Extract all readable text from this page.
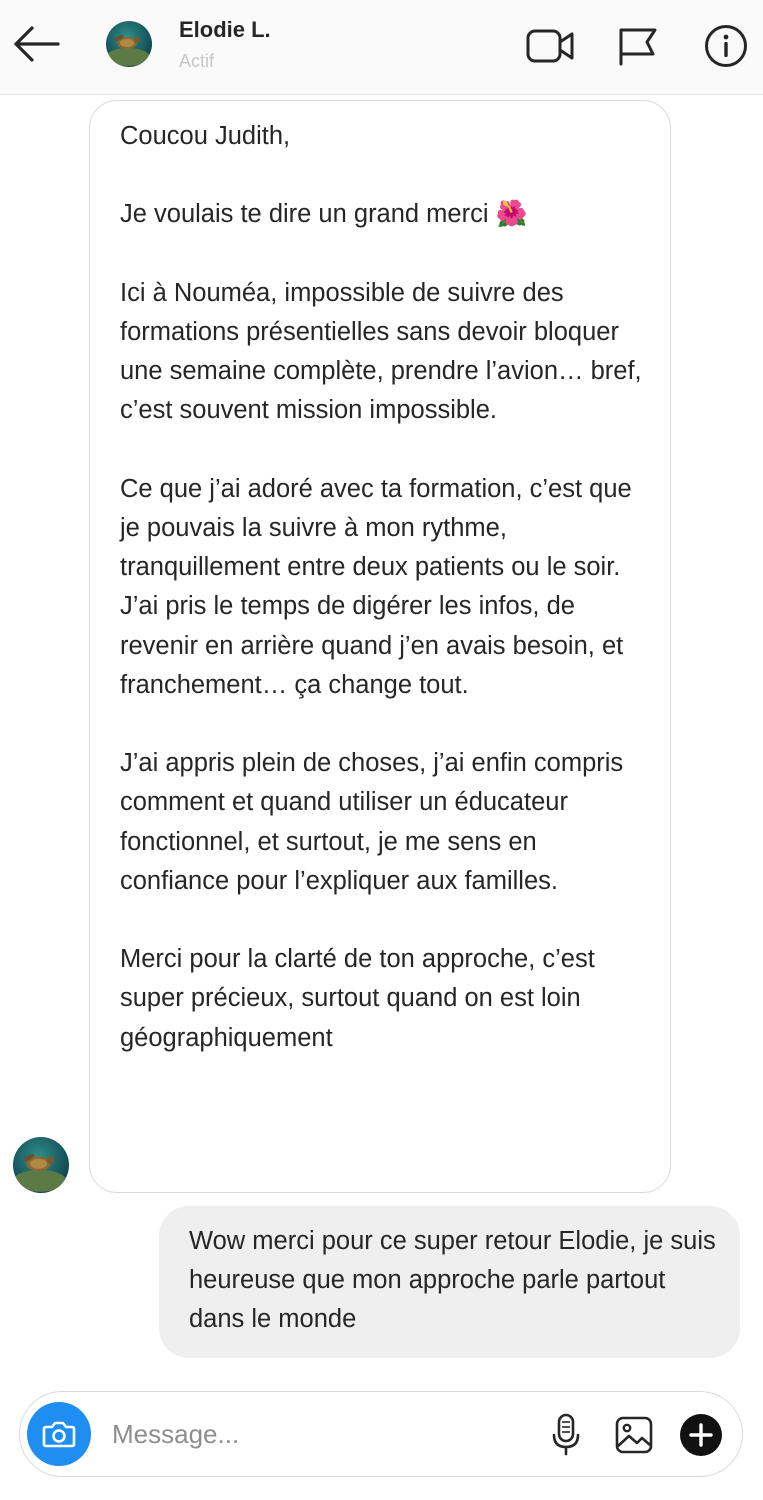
Elodie L.
Actif

Coucou Judith,

Je voulais te dire un grand merci 🌺

Ici à Nouméa, impossible de suivre des formations présentielles sans devoir bloquer une semaine complète, prendre l’avion… bref, c’est souvent mission impossible.

Ce que j’ai adoré avec ta formation, c’est que je pouvais la suivre à mon rythme, tranquillement entre deux patients ou le soir. J’ai pris le temps de digérer les infos, de revenir en arrière quand j’en avais besoin, et franchement… ça change tout.

J’ai appris plein de choses, j’ai enfin compris comment et quand utiliser un éducateur fonctionnel, et surtout, je me sens en confiance pour l’expliquer aux familles.

Merci pour la clarté de ton approche, c’est super précieux, surtout quand on est loin géographiquement

Wow merci pour ce super retour Elodie, je suis heureuse que mon approche parle partout dans le monde

Message...
